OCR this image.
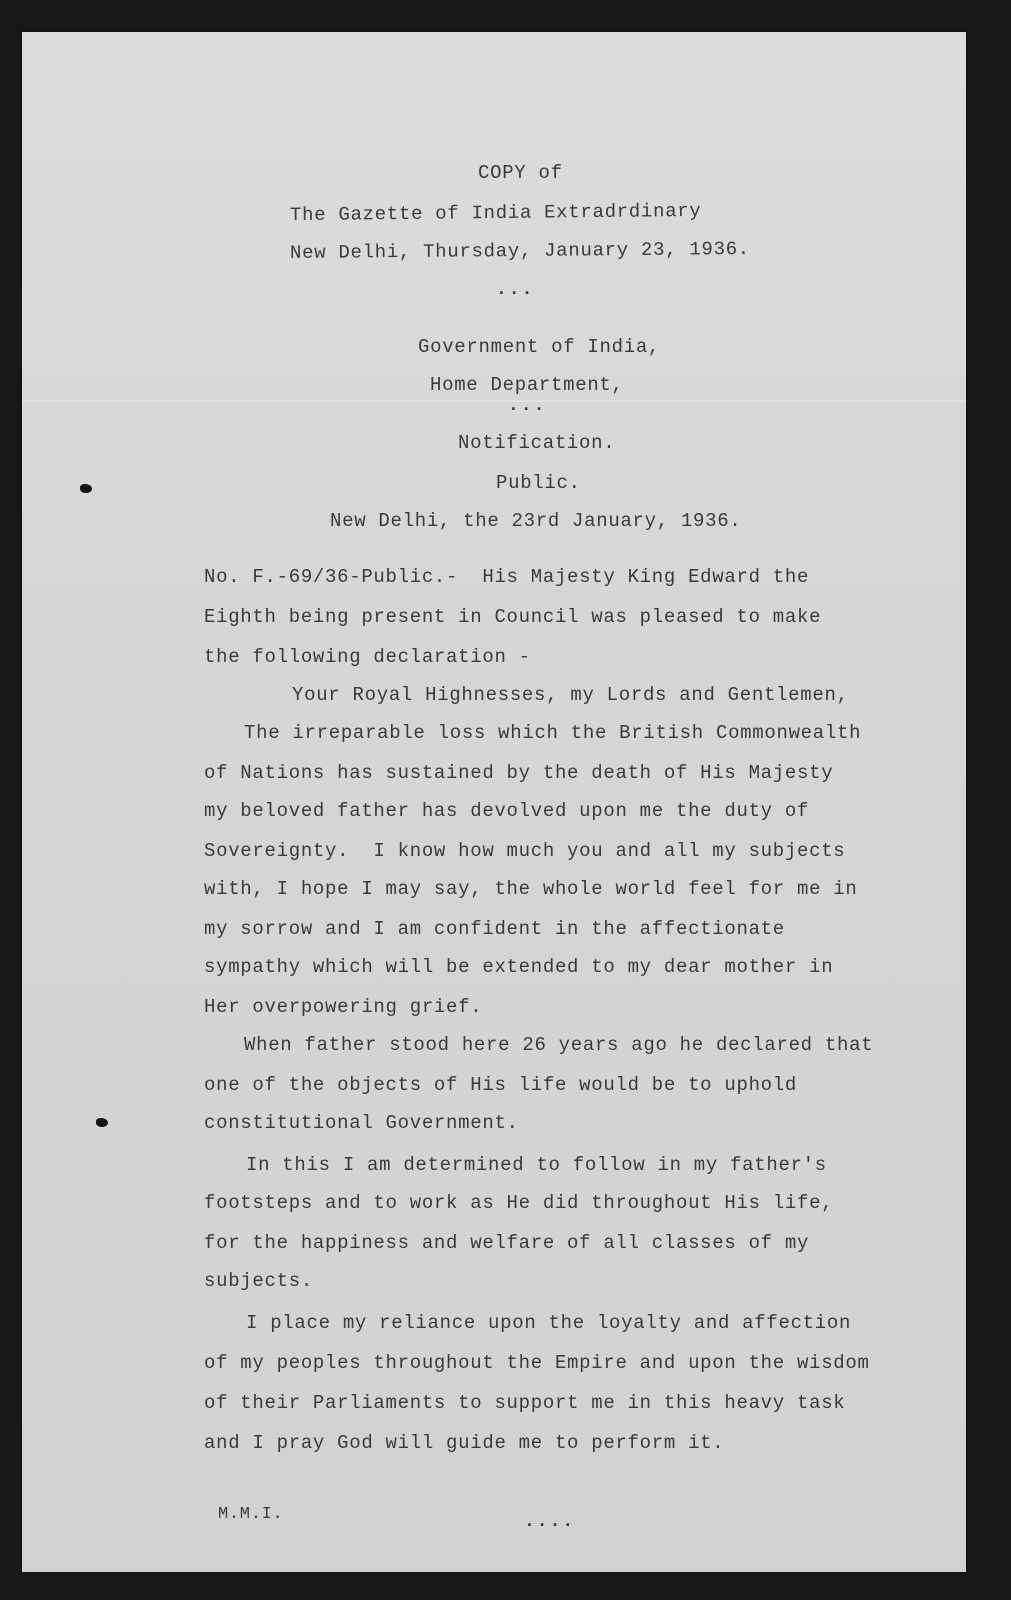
COPY of
The Gazette of India Extradrdinary
New Delhi, Thursday, January 23, 1936.
...
Government of India,
Home Department,
...
Notification.
Public.
New Delhi, the 23rd January, 1936.
No. F.-69/36-Public.-  His Majesty King Edward the
Eighth being present in Council was pleased to make
the following declaration -
Your Royal Highnesses, my Lords and Gentlemen,
The irreparable loss which the British Commonwealth
of Nations has sustained by the death of His Majesty
my beloved father has devolved upon me the duty of
Sovereignty.  I know how much you and all my subjects
with, I hope I may say, the whole world feel for me in
my sorrow and I am confident in the affectionate
sympathy which will be extended to my dear mother in
Her overpowering grief.
When father stood here 26 years ago he declared that
one of the objects of His life would be to uphold
constitutional Government.
In this I am determined to follow in my father's
footsteps and to work as He did throughout His life,
for the happiness and welfare of all classes of my
subjects.
I place my reliance upon the loyalty and affection
of my peoples throughout the Empire and upon the wisdom
of their Parliaments to support me in this heavy task
and I pray God will guide me to perform it.
M.M.I.	....
